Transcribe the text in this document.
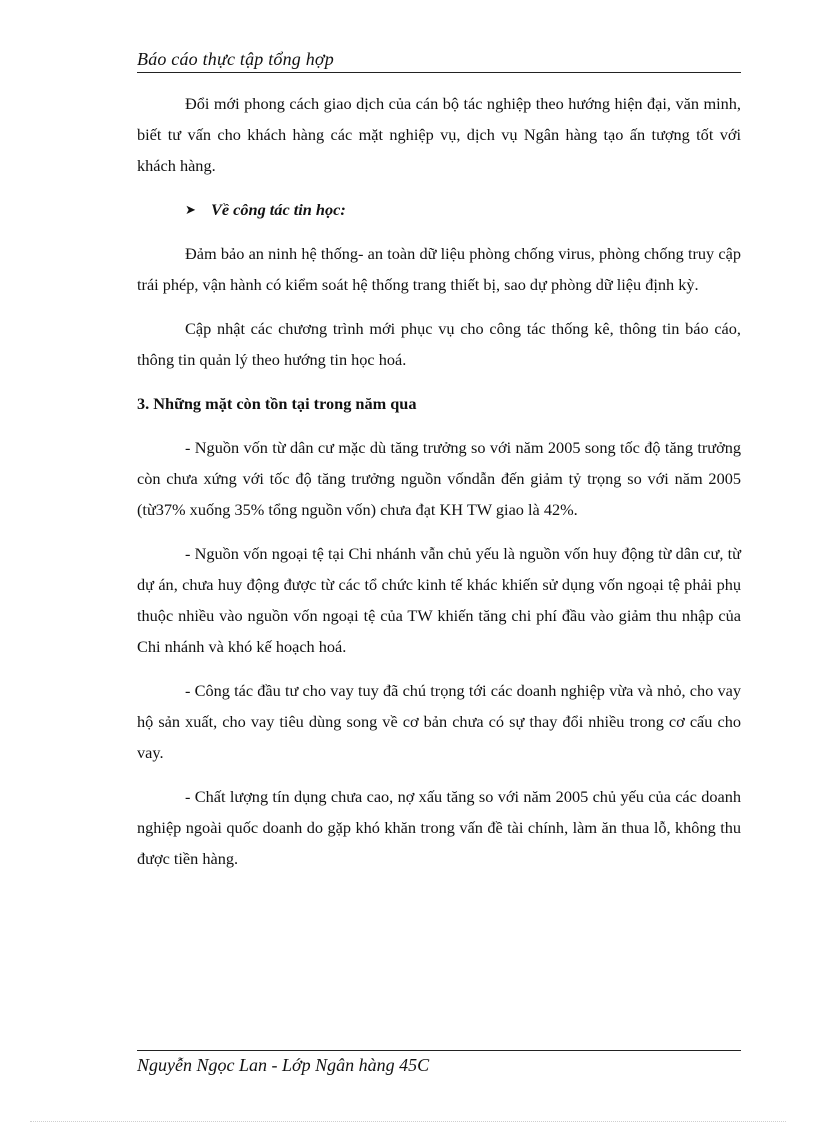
Báo cáo thực tập tổng hợp

Đổi mới phong cách giao dịch của cán bộ tác nghiệp theo hướng hiện đại, văn minh, biết tư vấn cho khách hàng các mặt nghiệp vụ, dịch vụ Ngân hàng tạo ấn tượng tốt với khách hàng.

➤ Về công tác tin học:

Đảm bảo an ninh hệ thống- an toàn dữ liệu phòng chống virus, phòng chống truy cập trái phép, vận hành có kiểm soát hệ thống trang thiết bị, sao dự phòng dữ liệu định kỳ.

Cập nhật các chương trình mới phục vụ cho công tác thống kê, thông tin báo cáo, thông tin quản lý theo hướng tin học hoá.

3. Những mặt còn tồn tại trong năm qua

- Nguồn vốn từ dân cư mặc dù tăng trưởng so với năm 2005 song tốc độ tăng trưởng còn chưa xứng với tốc độ tăng trưởng nguồn vốndẫn đến giảm tỷ trọng so với năm 2005 (từ37% xuống 35% tổng nguồn vốn) chưa đạt KH TW giao là 42%.

- Nguồn vốn ngoại tệ tại Chi nhánh vẫn chủ yếu là nguồn vốn huy động từ dân cư, từ dự án, chưa huy động được từ các tổ chức kinh tế khác khiến sử dụng vốn ngoại tệ phải phụ thuộc nhiều vào nguồn vốn ngoại tệ của TW khiến tăng chi phí đầu vào giảm thu nhập của Chi nhánh và khó kế hoạch hoá.

- Công tác đầu tư cho vay tuy đã chú trọng tới các doanh nghiệp vừa và nhỏ, cho vay hộ sản xuất, cho vay tiêu dùng song về cơ bản chưa có sự thay đổi nhiều trong cơ cấu cho vay.

- Chất lượng tín dụng chưa cao, nợ xấu tăng so với năm 2005 chủ yếu của các doanh nghiệp ngoài quốc doanh do gặp khó khăn trong vấn đề tài chính, làm ăn thua lỗ, không thu được tiền hàng.

Nguyễn Ngọc Lan - Lớp Ngân hàng 45C
